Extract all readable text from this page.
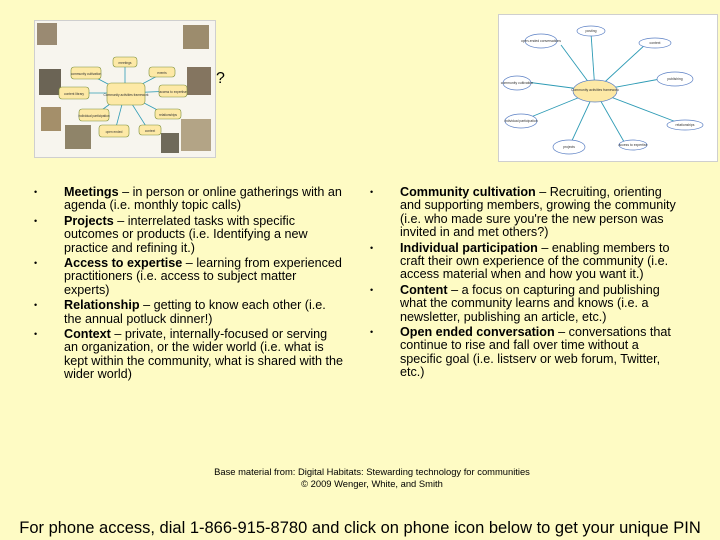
meetings
community cultivation	events
content library	Community activities framework
access to expertise
individual participation	relationships
open ended	context
?
Community activities framework
posting
open-ended conversations	context
community cultivation
publishing
individual participation
relationships
projects	access to expertise
• Meetings – in person or online gatherings with an agenda (i.e. monthly topic calls)
• Projects – interrelated tasks with specific outcomes or products (i.e. Identifying a new practice and refining it.)
• Access to expertise – learning from experienced practitioners (i.e. access to subject matter experts)
• Relationship – getting to know each other (i.e. the annual potluck dinner!)
• Context – private, internally-focused or serving an organization, or the wider world (i.e. what is kept within the community, what is shared with the wider world)
• Community cultivation – Recruiting, orienting and supporting members, growing the community (i.e. who made sure you're the new person was invited in and met others?)
• Individual participation – enabling members to craft their own experience of the community (i.e. access material when and how you want it.)
• Content – a focus on capturing and publishing what the community learns and knows (i.e. a newsletter, publishing an article, etc.)
• Open ended conversation – conversations that continue to rise and fall over time without a specific goal (i.e. listserv or web forum, Twitter, etc.)
Base material from: Digital Habitats: Stewarding technology for communities
© 2009 Wenger, White, and Smith
For phone access, dial 1-866-915-8780 and click on phone icon below to get your unique PIN
